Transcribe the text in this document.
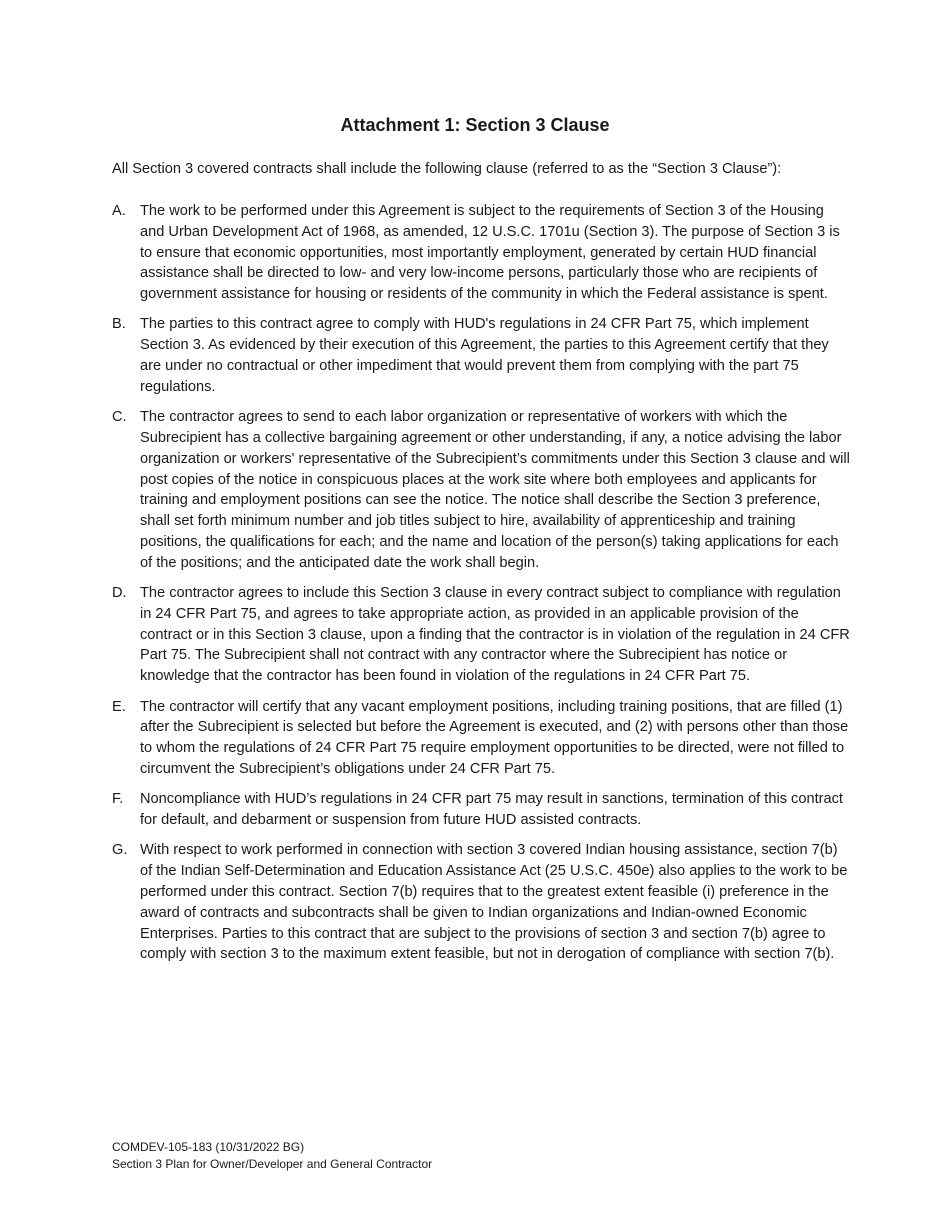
Attachment 1: Section 3 Clause
All Section 3 covered contracts shall include the following clause (referred to as the “Section 3 Clause”):
A. The work to be performed under this Agreement is subject to the requirements of Section 3 of the Housing and Urban Development Act of 1968, as amended, 12 U.S.C. 1701u (Section 3). The purpose of Section 3 is to ensure that economic opportunities, most importantly employment, generated by certain HUD financial assistance shall be directed to low- and very low-income persons, particularly those who are recipients of government assistance for housing or residents of the community in which the Federal assistance is spent.
B. The parties to this contract agree to comply with HUD's regulations in 24 CFR Part 75, which implement Section 3. As evidenced by their execution of this Agreement, the parties to this Agreement certify that they are under no contractual or other impediment that would prevent them from complying with the part 75 regulations.
C. The contractor agrees to send to each labor organization or representative of workers with which the Subrecipient has a collective bargaining agreement or other understanding, if any, a notice advising the labor organization or workers' representative of the Subrecipient’s commitments under this Section 3 clause and will post copies of the notice in conspicuous places at the work site where both employees and applicants for training and employment positions can see the notice. The notice shall describe the Section 3 preference, shall set forth minimum number and job titles subject to hire, availability of apprenticeship and training positions, the qualifications for each; and the name and location of the person(s) taking applications for each of the positions; and the anticipated date the work shall begin.
D. The contractor agrees to include this Section 3 clause in every contract subject to compliance with regulation in 24 CFR Part 75, and agrees to take appropriate action, as provided in an applicable provision of the contract or in this Section 3 clause, upon a finding that the contractor is in violation of the regulation in 24 CFR Part 75. The Subrecipient shall not contract with any contractor where the Subrecipient has notice or knowledge that the contractor has been found in violation of the regulations in 24 CFR Part 75.
E. The contractor will certify that any vacant employment positions, including training positions, that are filled (1) after the Subrecipient is selected but before the Agreement is executed, and (2) with persons other than those to whom the regulations of 24 CFR Part 75 require employment opportunities to be directed, were not filled to circumvent the Subrecipient’s obligations under 24 CFR Part 75.
F. Noncompliance with HUD’s regulations in 24 CFR part 75 may result in sanctions, termination of this contract for default, and debarment or suspension from future HUD assisted contracts.
G. With respect to work performed in connection with section 3 covered Indian housing assistance, section 7(b) of the Indian Self-Determination and Education Assistance Act (25 U.S.C. 450e) also applies to the work to be performed under this contract. Section 7(b) requires that to the greatest extent feasible (i) preference in the award of contracts and subcontracts shall be given to Indian organizations and Indian-owned Economic Enterprises. Parties to this contract that are subject to the provisions of section 3 and section 7(b) agree to comply with section 3 to the maximum extent feasible, but not in derogation of compliance with section 7(b).
COMDEV-105-183 (10/31/2022 BG)
Section 3 Plan for Owner/Developer and General Contractor
